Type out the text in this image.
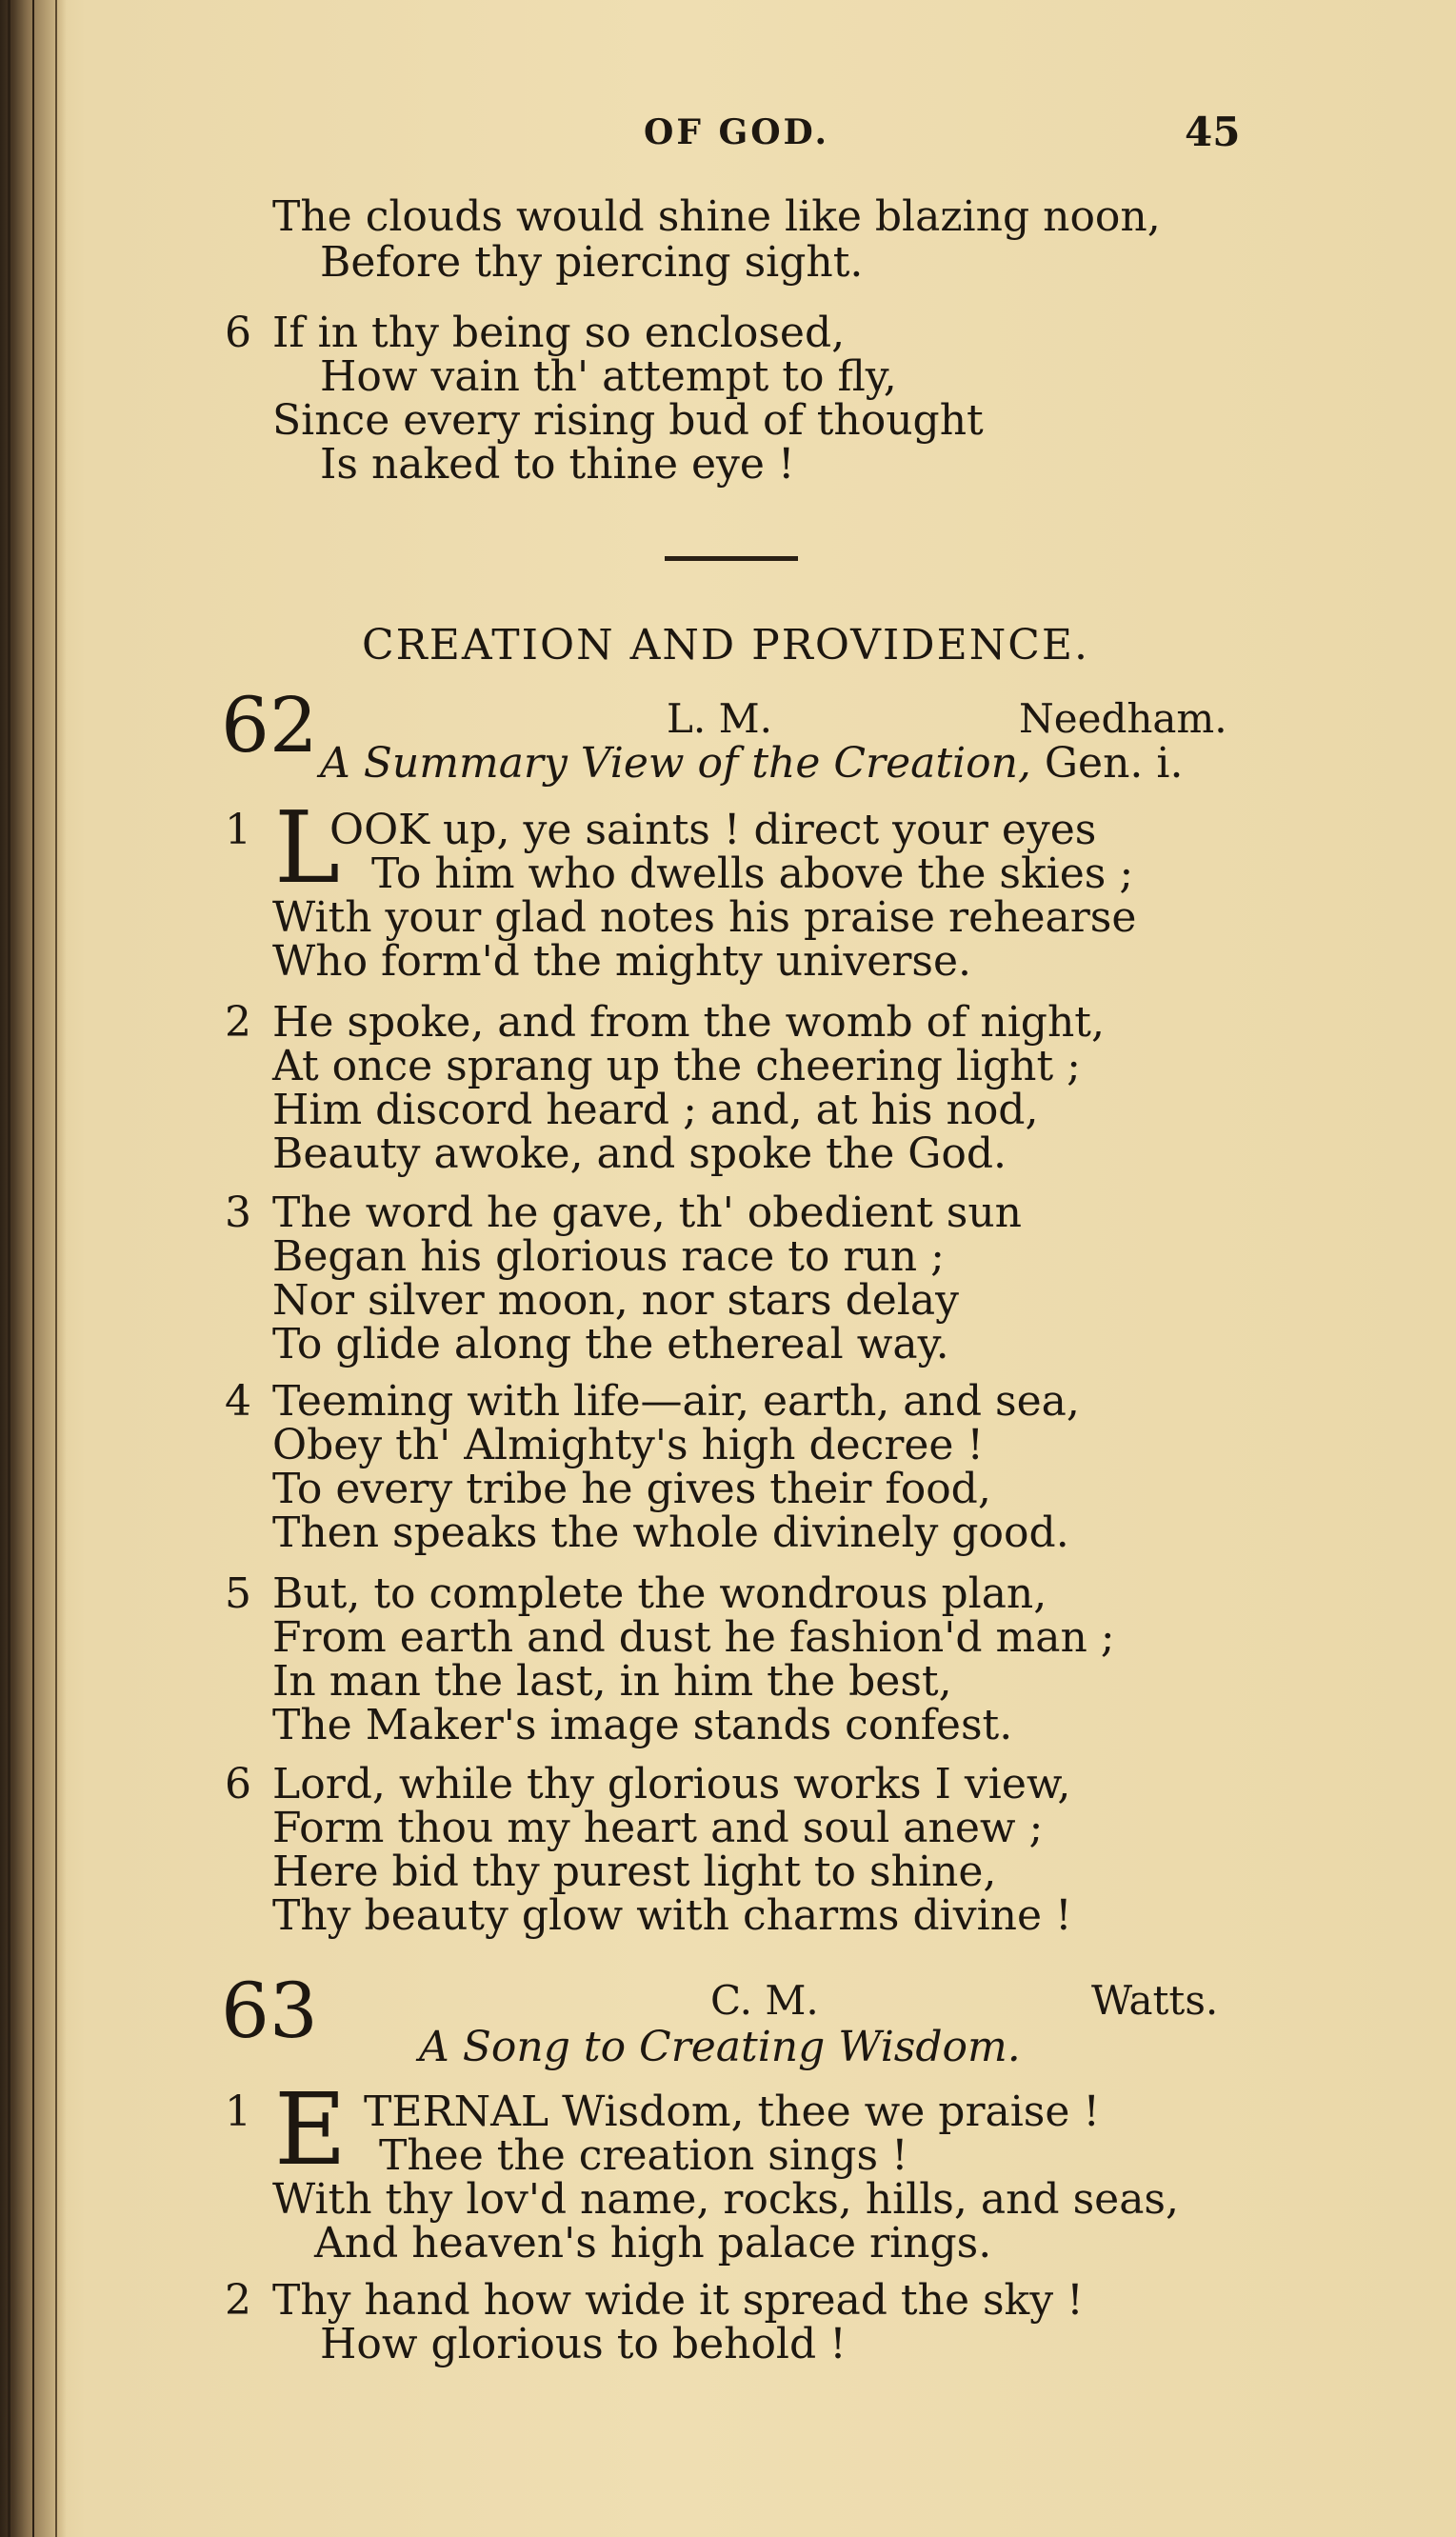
OF GOD.	45
The clouds would shine like blazing noon,
Before thy piercing sight.
6 If in thy being so enclosed,
How vain th' attempt to fly,
Since every rising bud of thought
Is naked to thine eye !
CREATION AND PROVIDENCE.
62	L. M.	Needham.
A Summary View of the Creation, Gen. i.
1 L
OOK up, ye saints ! direct your eyes
To him who dwells above the skies ;
With your glad notes his praise rehearse
Who form'd the mighty universe.
2 He spoke, and from the womb of night,
At once sprang up the cheering light ;
Him discord heard ; and, at his nod,
Beauty awoke, and spoke the God.
3 The word he gave, th' obedient sun
Began his glorious race to run ;
Nor silver moon, nor stars delay
To glide along the ethereal way.
4 Teeming with life—air, earth, and sea,
Obey th' Almighty's high decree !
To every tribe he gives their food,
Then speaks the whole divinely good.
5 But, to complete the wondrous plan,
From earth and dust he fashion'd man ;
In man the last, in him the best,
The Maker's image stands confest.
6 Lord, while thy glorious works I view,
Form thou my heart and soul anew ;
Here bid thy purest light to shine,
Thy beauty glow with charms divine !
63	C. M.	Watts.
A Song to Creating Wisdom.
1 E TERNAL Wisdom, thee we praise !
Thee the creation sings !
With thy lov'd name, rocks, hills, and seas,
And heaven's high palace rings.
2 Thy hand how wide it spread the sky !
How glorious to behold !
